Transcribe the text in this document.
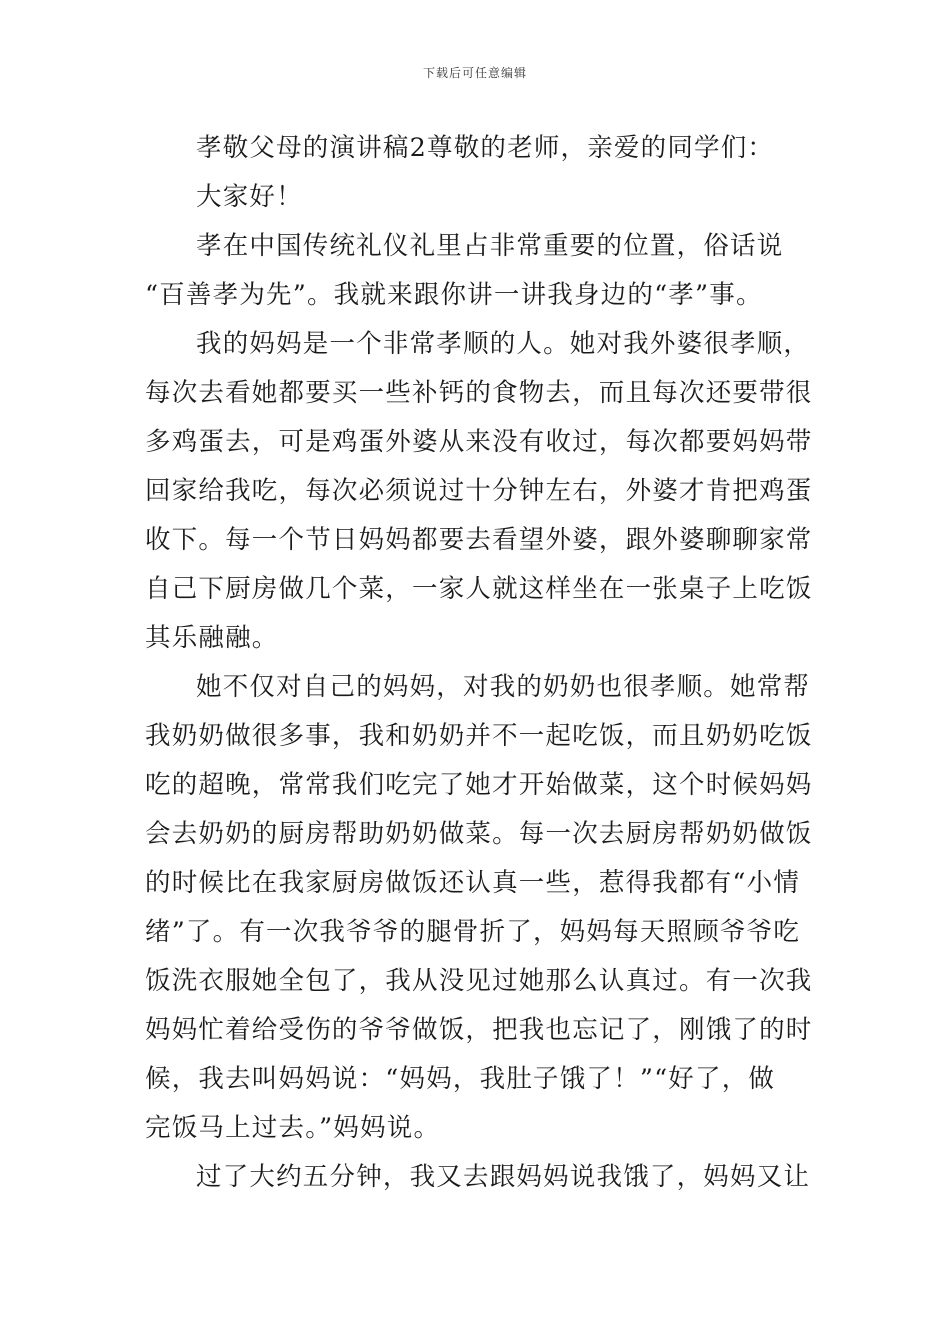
下载后可任意编辑
孝敬父母的演讲稿2尊敬的老师，亲爱的同学们：
大家好！
孝在中国传统礼仪礼里占非常重要的位置，俗话说
“百善孝为先”。我就来跟你讲一讲我身边的“孝”事。
我的妈妈是一个非常孝顺的人。她对我外婆很孝顺，
每次去看她都要买一些补钙的食物去，而且每次还要带很
多鸡蛋去，可是鸡蛋外婆从来没有收过，每次都要妈妈带
回家给我吃，每次必须说过十分钟左右，外婆才肯把鸡蛋
收下。每一个节日妈妈都要去看望外婆，跟外婆聊聊家常
自己下厨房做几个菜，一家人就这样坐在一张桌子上吃饭
其乐融融。
她不仅对自己的妈妈，对我的奶奶也很孝顺。她常帮
我奶奶做很多事，我和奶奶并不一起吃饭，而且奶奶吃饭
吃的超晚，常常我们吃完了她才开始做菜，这个时候妈妈
会去奶奶的厨房帮助奶奶做菜。每一次去厨房帮奶奶做饭
的时候比在我家厨房做饭还认真一些，惹得我都有“小情
绪”了。有一次我爷爷的腿骨折了，妈妈每天照顾爷爷吃
饭洗衣服她全包了，我从没见过她那么认真过。有一次我
妈妈忙着给受伤的爷爷做饭，把我也忘记了，刚饿了的时
候，我去叫妈妈说：“妈妈，我肚子饿了！”“好了，做
完饭马上过去。”妈妈说。
过了大约五分钟，我又去跟妈妈说我饿了，妈妈又让
